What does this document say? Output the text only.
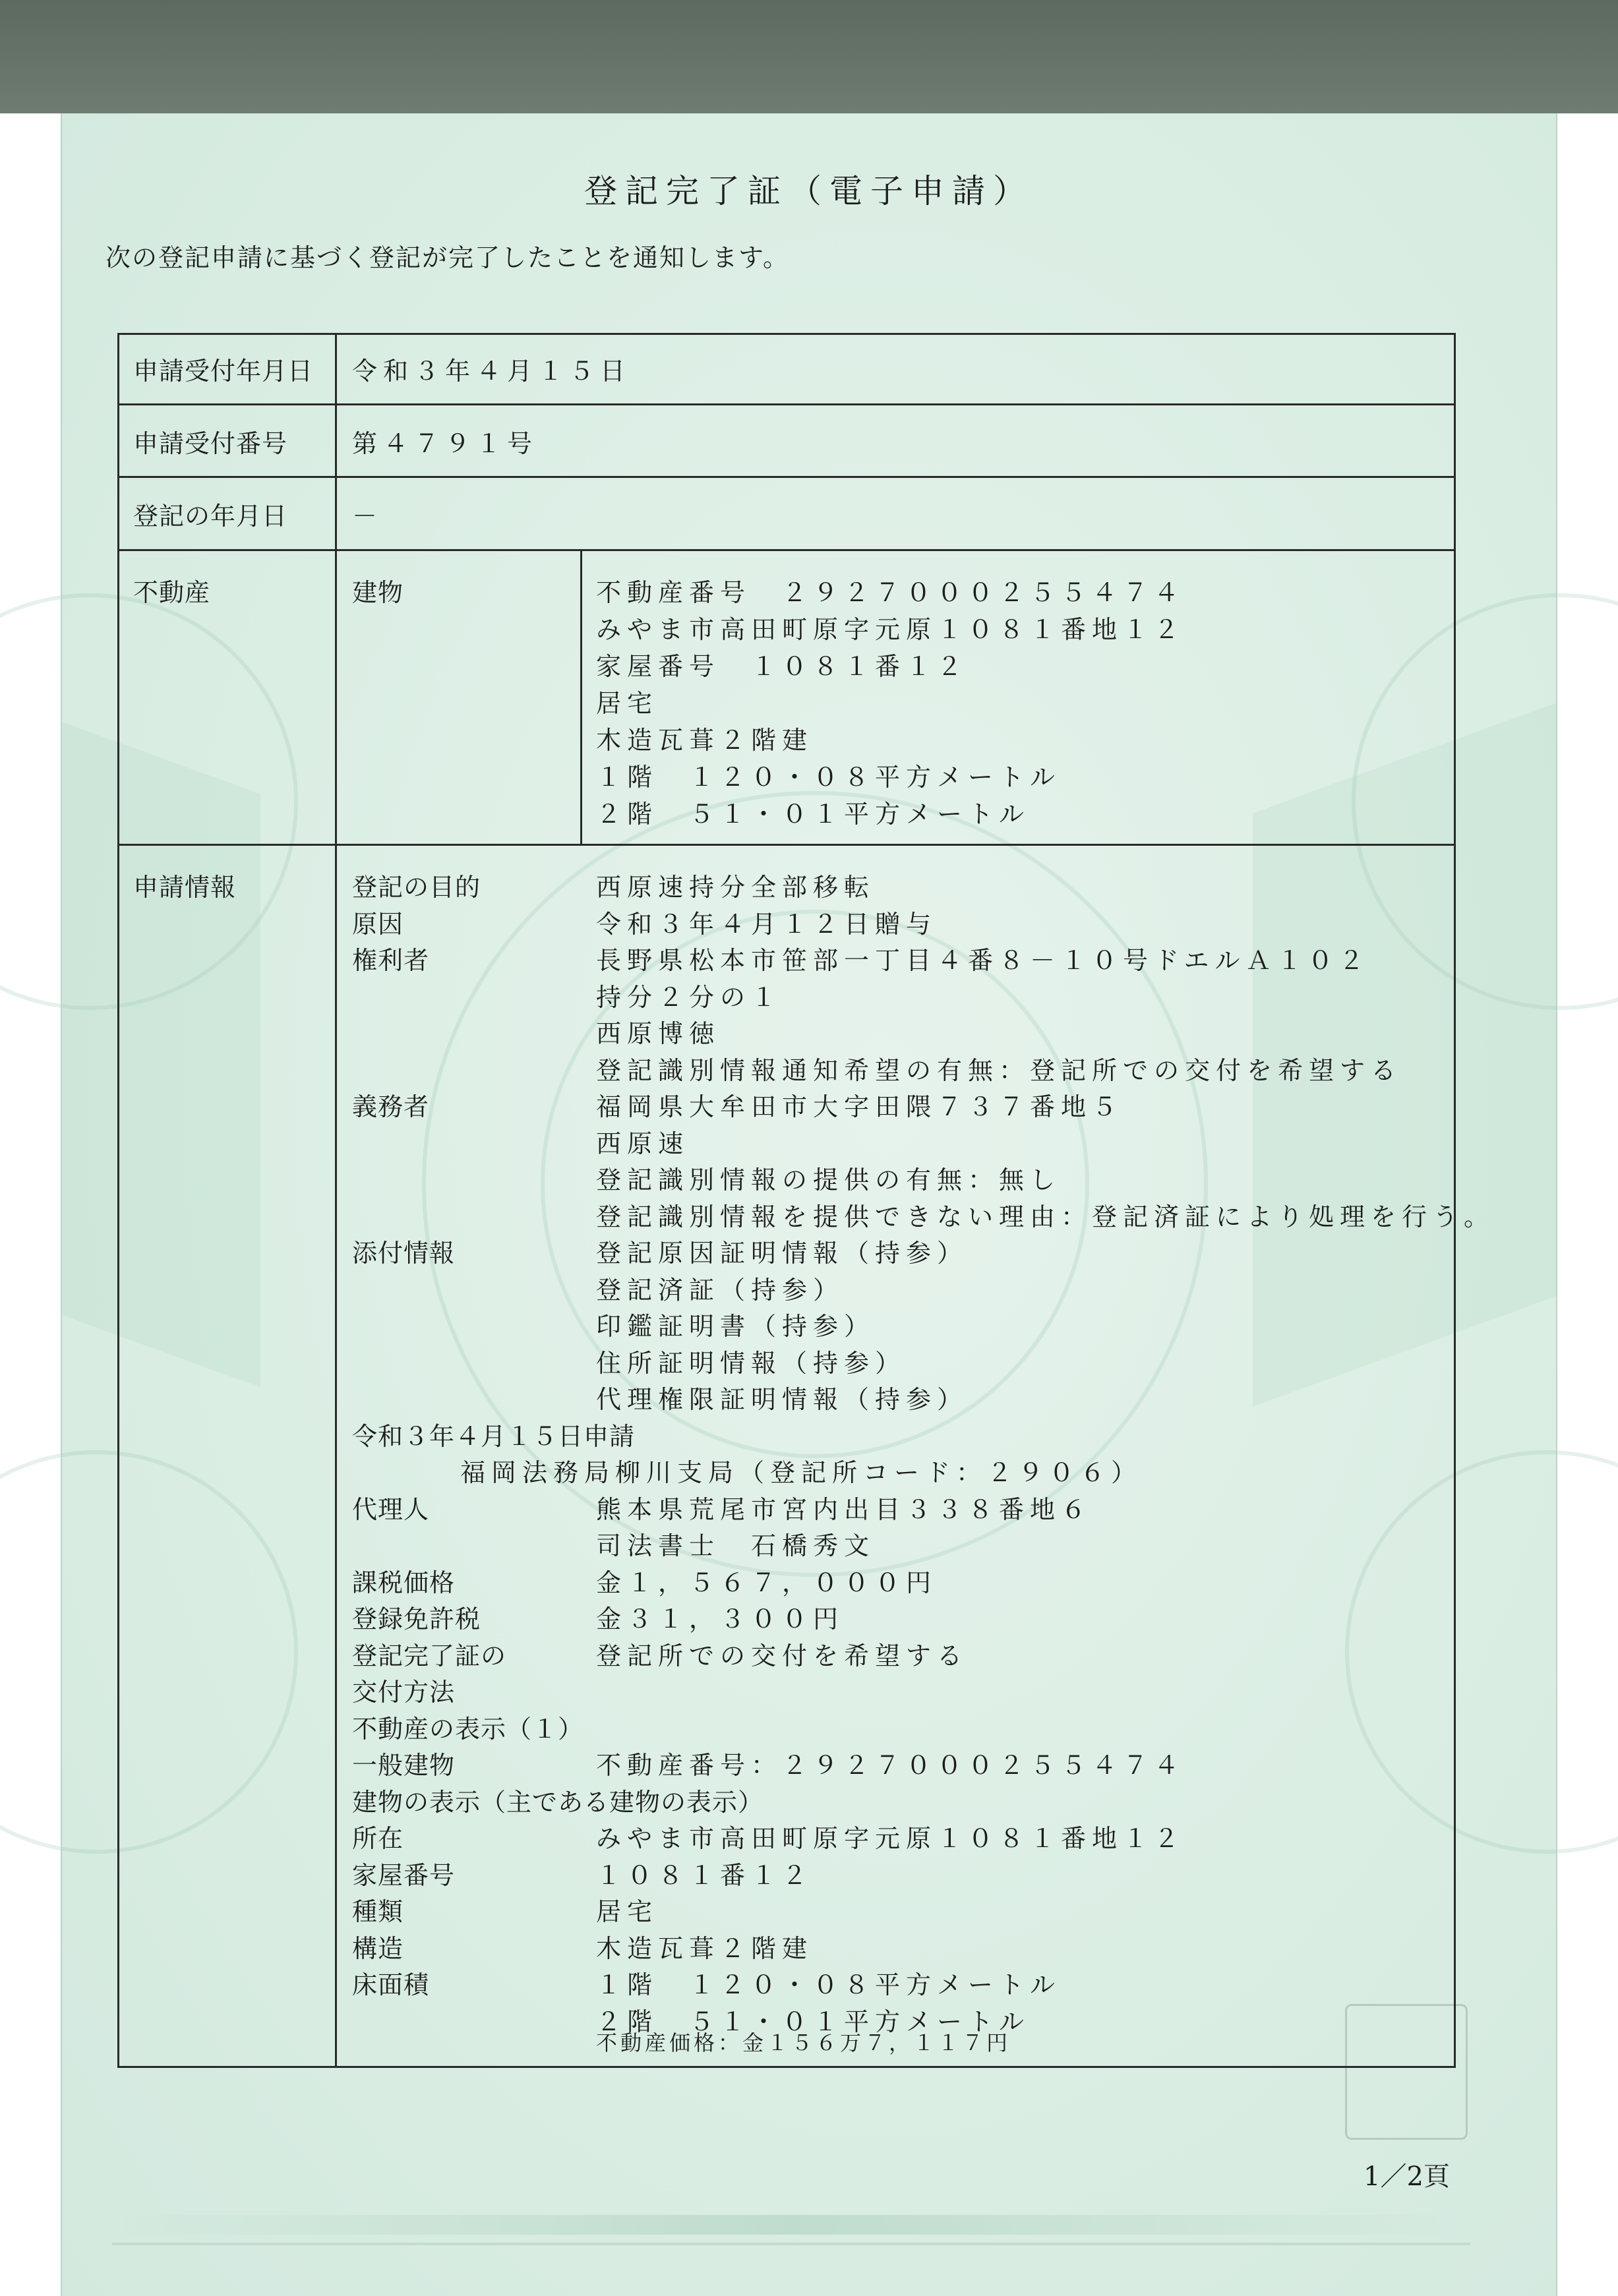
登記完了証（電子申請）
次の登記申請に基づく登記が完了したことを通知します。
申請受付年月日 令和３年４月１５日
申請受付番号	第４７９１号
登記の年月日	－
不動産	建物	不動産番号　２９２７０００２５５４７４
みやま市高田町原字元原１０８１番地１２
家屋番号　１０８１番１２
居宅
木造瓦葺２階建
１階　１２０・０８平方メートル
２階　５１・０１平方メートル
申請情報	登記の目的	西原速持分全部移転
原因	令和３年４月１２日贈与
権利者	長野県松本市笹部一丁目４番８－１０号ドエルＡ１０２
持分２分の１
西原博徳
登記識別情報通知希望の有無：登記所での交付を希望する
義務者	福岡県大牟田市大字田隈７３７番地５
西原速
登記識別情報の提供の有無：無し
登記識別情報を提供できない理由：登記済証により処理を行う。
添付情報	登記原因証明情報（持参）
登記済証（持参）
印鑑証明書（持参）
住所証明情報（持参）
代理権限証明情報（持参）
令和３年４月１５日申請
福岡法務局柳川支局（登記所コード：２９０６）
代理人	熊本県荒尾市宮内出目３３８番地６
司法書士　石橋秀文
課税価格	金１，５６７，０００円
登録免許税	金３１，３００円
登記完了証の	登記所での交付を希望する
交付方法
不動産の表示（１）
一般建物	不動産番号：２９２７０００２５５４７４
建物の表示（主である建物の表示）
所在	みやま市高田町原字元原１０８１番地１２
家屋番号	１０８１番１２
種類	居宅
構造	木造瓦葺２階建
床面積	１階　１２０・０８平方メートル
２階　５１・０１平方メートル
不動産価格：金１５６万７，１１７円
1／2頁
